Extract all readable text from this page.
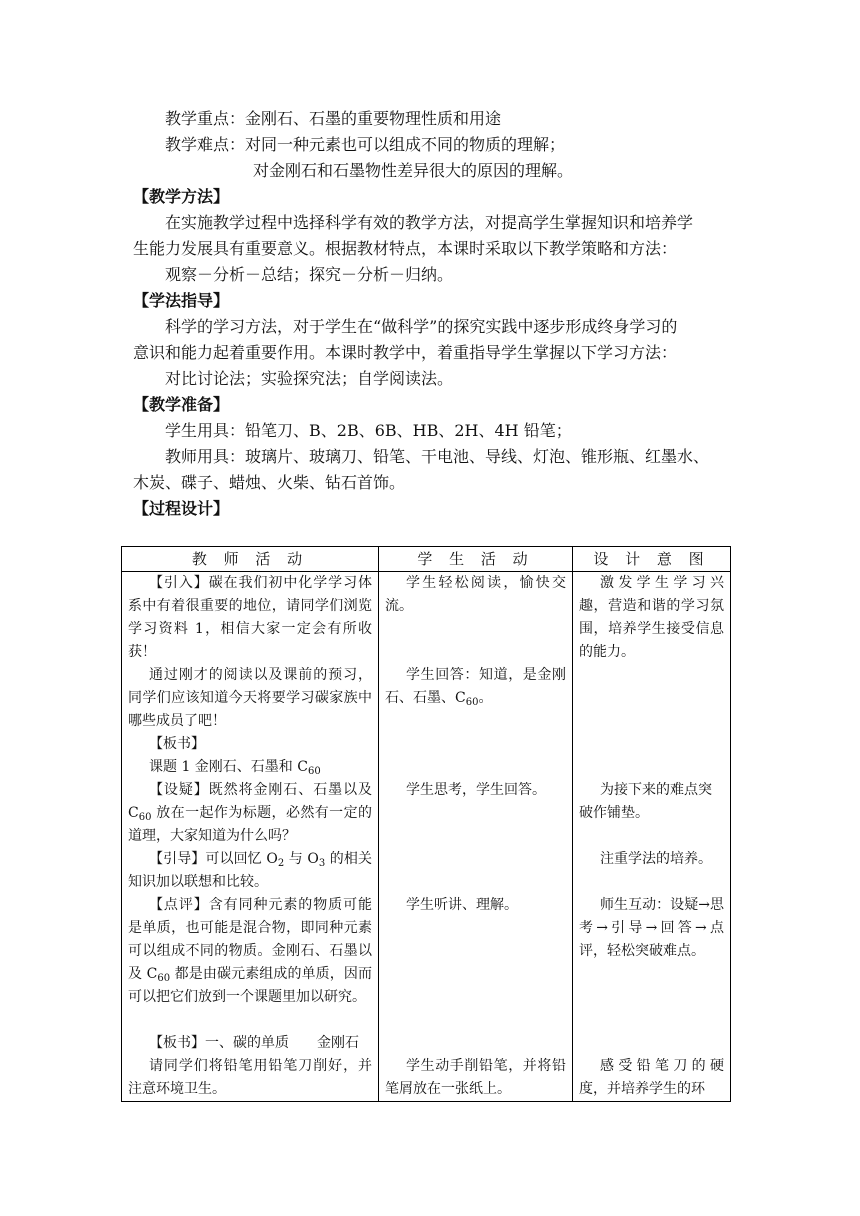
教学重点：金刚石、石墨的重要物理性质和用途
教学难点：对同一种元素也可以组成不同的物质的理解；
对金刚石和石墨物性差异很大的原因的理解。
【教学方法】
在实施教学过程中选择科学有效的教学方法，对提高学生掌握知识和培养学
生能力发展具有重要意义。根据教材特点，本课时采取以下教学策略和方法：
观察－分析－总结；探究－分析－归纳。
【学法指导】
科学的学习方法，对于学生在“做科学”的探究实践中逐步形成终身学习的
意识和能力起着重要作用。本课时教学中，着重指导学生掌握以下学习方法：
对比讨论法；实验探究法；自学阅读法。
【教学准备】
学生用具：铅笔刀、B、2B、6B、HB、2H、4H 铅笔；
教师用具：玻璃片、玻璃刀、铅笔、干电池、导线、灯泡、锥形瓶、红墨水、
木炭、碟子、蜡烛、火柴、钻石首饰。
【过程设计】
教 师 活 动	学 生 活 动	设 计 意 图
【引入】碳在我们初中化学学习体系中有着很重要的地位，请同学们浏览学习资料 1，相信大家一定会有所收获！	学生轻松阅读，愉快交流。	激发学生学习兴趣，营造和谐的学习氛围，培养学生接受信息的能力。
通过刚才的阅读以及课前的预习，同学们应该知道今天将要学习碳家族中哪些成员了吧！	学生回答：知道，是金刚石、石墨、$C_{60}$。	
【板书】		
课题 1 金刚石、石墨和 $C_{60}$		
【设疑】既然将金刚石、石墨以及 $C_{60}$ 放在一起作为标题，必然有一定的道理，大家知道为什么吗？	学生思考，学生回答。	为接下来的难点突破作铺垫。
【引导】可以回忆 $O_2$ 与 $O_3$ 的相关知识加以联想和比较。		注重学法的培养。
【点评】含有同种元素的物质可能是单质，也可能是混合物，即同种元素可以组成不同的物质。金刚石、石墨以及 $C_{60}$ 都是由碳元素组成的单质，因而可以把它们放到一个课题里加以研究。	学生听讲、理解。	师生互动：设疑→思考→引导→回答→点评，轻松突破难点。
【板书】一、碳的单质　　金刚石		
请同学们将铅笔用铅笔刀削好，并注意环境卫生。	学生动手削铅笔，并将铅笔屑放在一张纸上。	感受铅笔刀的硬度，并培养学生的环
